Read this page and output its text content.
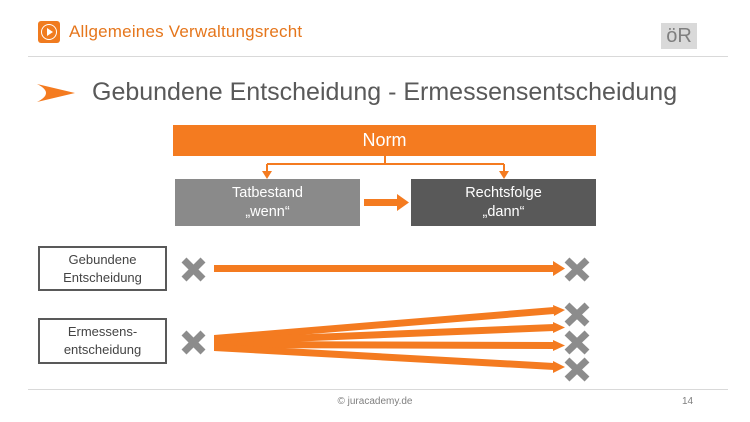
Allgemeines Verwaltungsrecht	öR
Gebundene Entscheidung - Ermessensentscheidung
Norm
Tatbestand
„wenn“
Rechtsfolge
„dann“
Gebundene
Entscheidung
Ermessens-
entscheidung
© juracademy.de	14
